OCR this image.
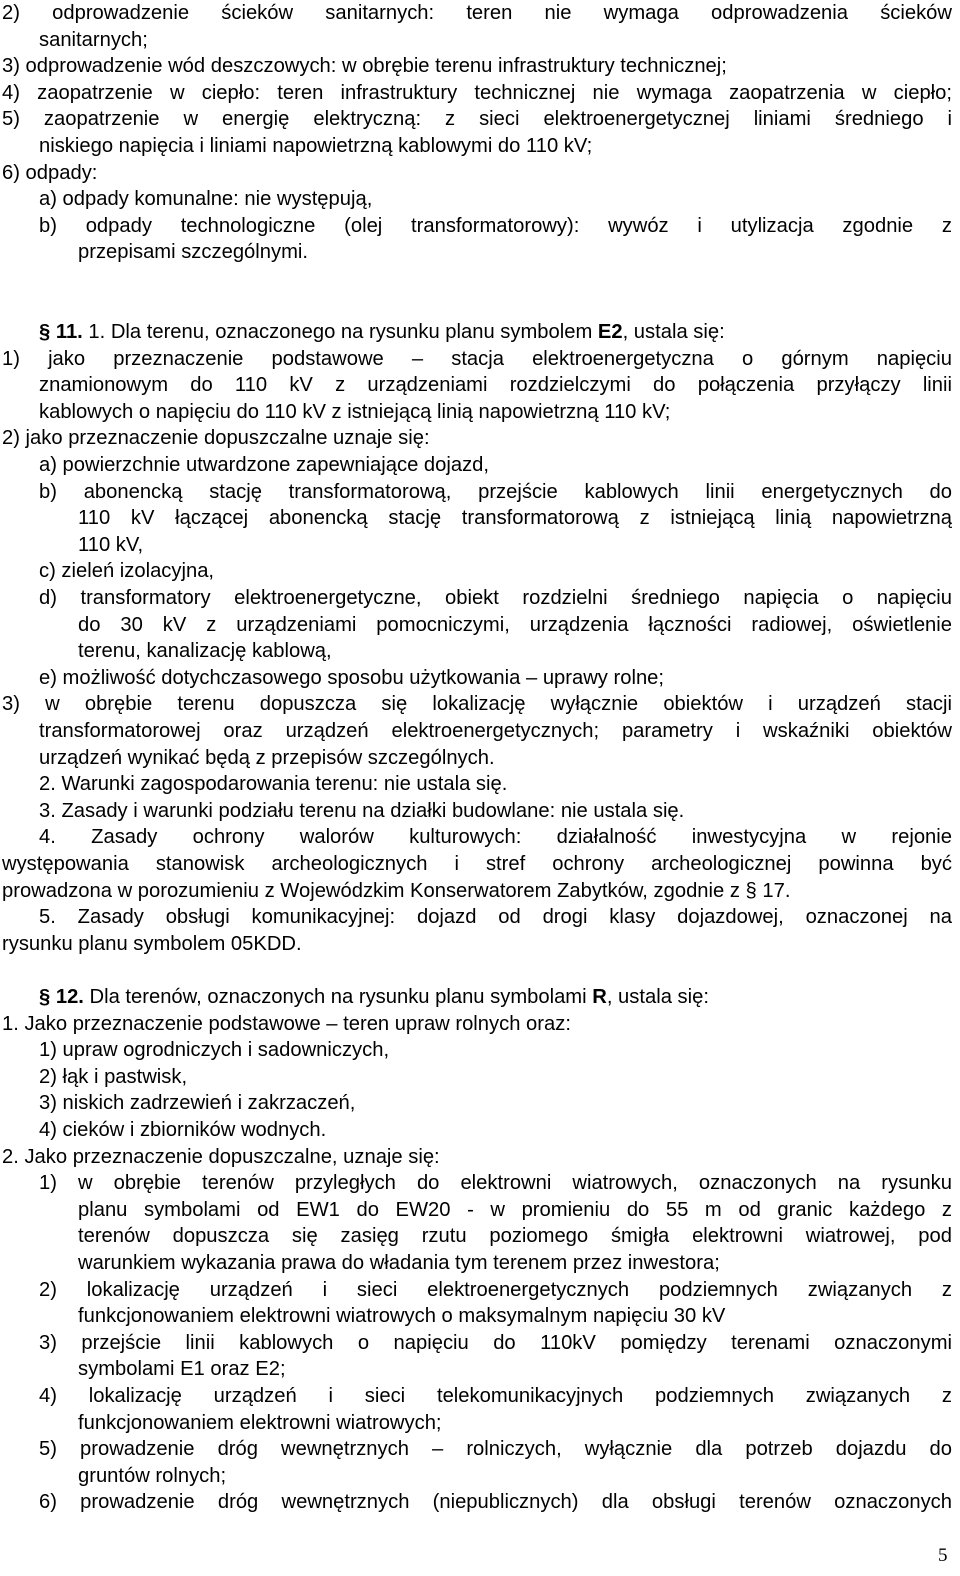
2) odprowadzenie ścieków sanitarnych: teren nie wymaga odprowadzenia ścieków
sanitarnych;
3) odprowadzenie wód deszczowych: w obrębie terenu infrastruktury technicznej;
4) zaopatrzenie w ciepło: teren infrastruktury technicznej nie wymaga zaopatrzenia w ciepło;
5) zaopatrzenie w energię elektryczną: z sieci elektroenergetycznej liniami średniego i
niskiego napięcia i liniami napowietrzną kablowymi do 110 kV;
6) odpady:
a) odpady komunalne: nie występują,
b) odpady technologiczne (olej transformatorowy): wywóz i utylizacja zgodnie z
przepisami szczególnymi.
§ 11. 1. Dla terenu, oznaczonego na rysunku planu symbolem E2, ustala się:
1) jako przeznaczenie podstawowe – stacja elektroenergetyczna o górnym napięciu
znamionowym do 110 kV z urządzeniami rozdzielczymi do połączenia przyłączy linii
kablowych o napięciu do 110 kV z istniejącą linią napowietrzną 110 kV;
2) jako przeznaczenie dopuszczalne uznaje się:
a) powierzchnie utwardzone zapewniające dojazd,
b) abonencką stację transformatorową, przejście kablowych linii energetycznych do
110 kV łączącej abonencką stację transformatorową z istniejącą linią napowietrzną
110 kV,
c) zieleń izolacyjna,
d) transformatory elektroenergetyczne, obiekt rozdzielni średniego napięcia o napięciu
do 30 kV z urządzeniami pomocniczymi, urządzenia łączności radiowej, oświetlenie
terenu, kanalizację kablową,
e) możliwość dotychczasowego sposobu użytkowania – uprawy rolne;
3) w obrębie terenu dopuszcza się lokalizację wyłącznie obiektów i urządzeń stacji
transformatorowej oraz urządzeń elektroenergetycznych; parametry i wskaźniki obiektów
urządzeń wynikać będą z przepisów szczególnych.
2. Warunki zagospodarowania terenu: nie ustala się.
3. Zasady i warunki podziału terenu na działki budowlane: nie ustala się.
4. Zasady ochrony walorów kulturowych: działalność inwestycyjna w rejonie
występowania stanowisk archeologicznych i stref ochrony archeologicznej powinna być
prowadzona w porozumieniu z Wojewódzkim Konserwatorem Zabytków, zgodnie z § 17.
5. Zasady obsługi komunikacyjnej: dojazd od drogi klasy dojazdowej, oznaczonej na
rysunku planu symbolem 05KDD.
§ 12. Dla terenów, oznaczonych na rysunku planu symbolami R, ustala się:
1. Jako przeznaczenie podstawowe – teren upraw rolnych oraz:
1) upraw ogrodniczych i sadowniczych,
2) łąk i pastwisk,
3) niskich zadrzewień i zakrzaczeń,
4) cieków i zbiorników wodnych.
2. Jako przeznaczenie dopuszczalne, uznaje się:
1) w obrębie terenów przyległych do elektrowni wiatrowych, oznaczonych na rysunku
planu symbolami od EW1 do EW20 - w promieniu do 55 m od granic każdego z
terenów dopuszcza się zasięg rzutu poziomego śmigła elektrowni wiatrowej, pod
warunkiem wykazania prawa do władania tym terenem przez inwestora;
2) lokalizację urządzeń i sieci elektroenergetycznych podziemnych związanych z
funkcjonowaniem elektrowni wiatrowych o maksymalnym napięciu 30 kV
3) przejście linii kablowych o napięciu do 110kV pomiędzy terenami oznaczonymi
symbolami E1 oraz E2;
4) lokalizację urządzeń i sieci telekomunikacyjnych podziemnych związanych z
funkcjonowaniem elektrowni wiatrowych;
5) prowadzenie dróg wewnętrznych – rolniczych, wyłącznie dla potrzeb dojazdu do
gruntów rolnych;
6) prowadzenie dróg wewnętrznych (niepublicznych) dla obsługi terenów oznaczonych
5
